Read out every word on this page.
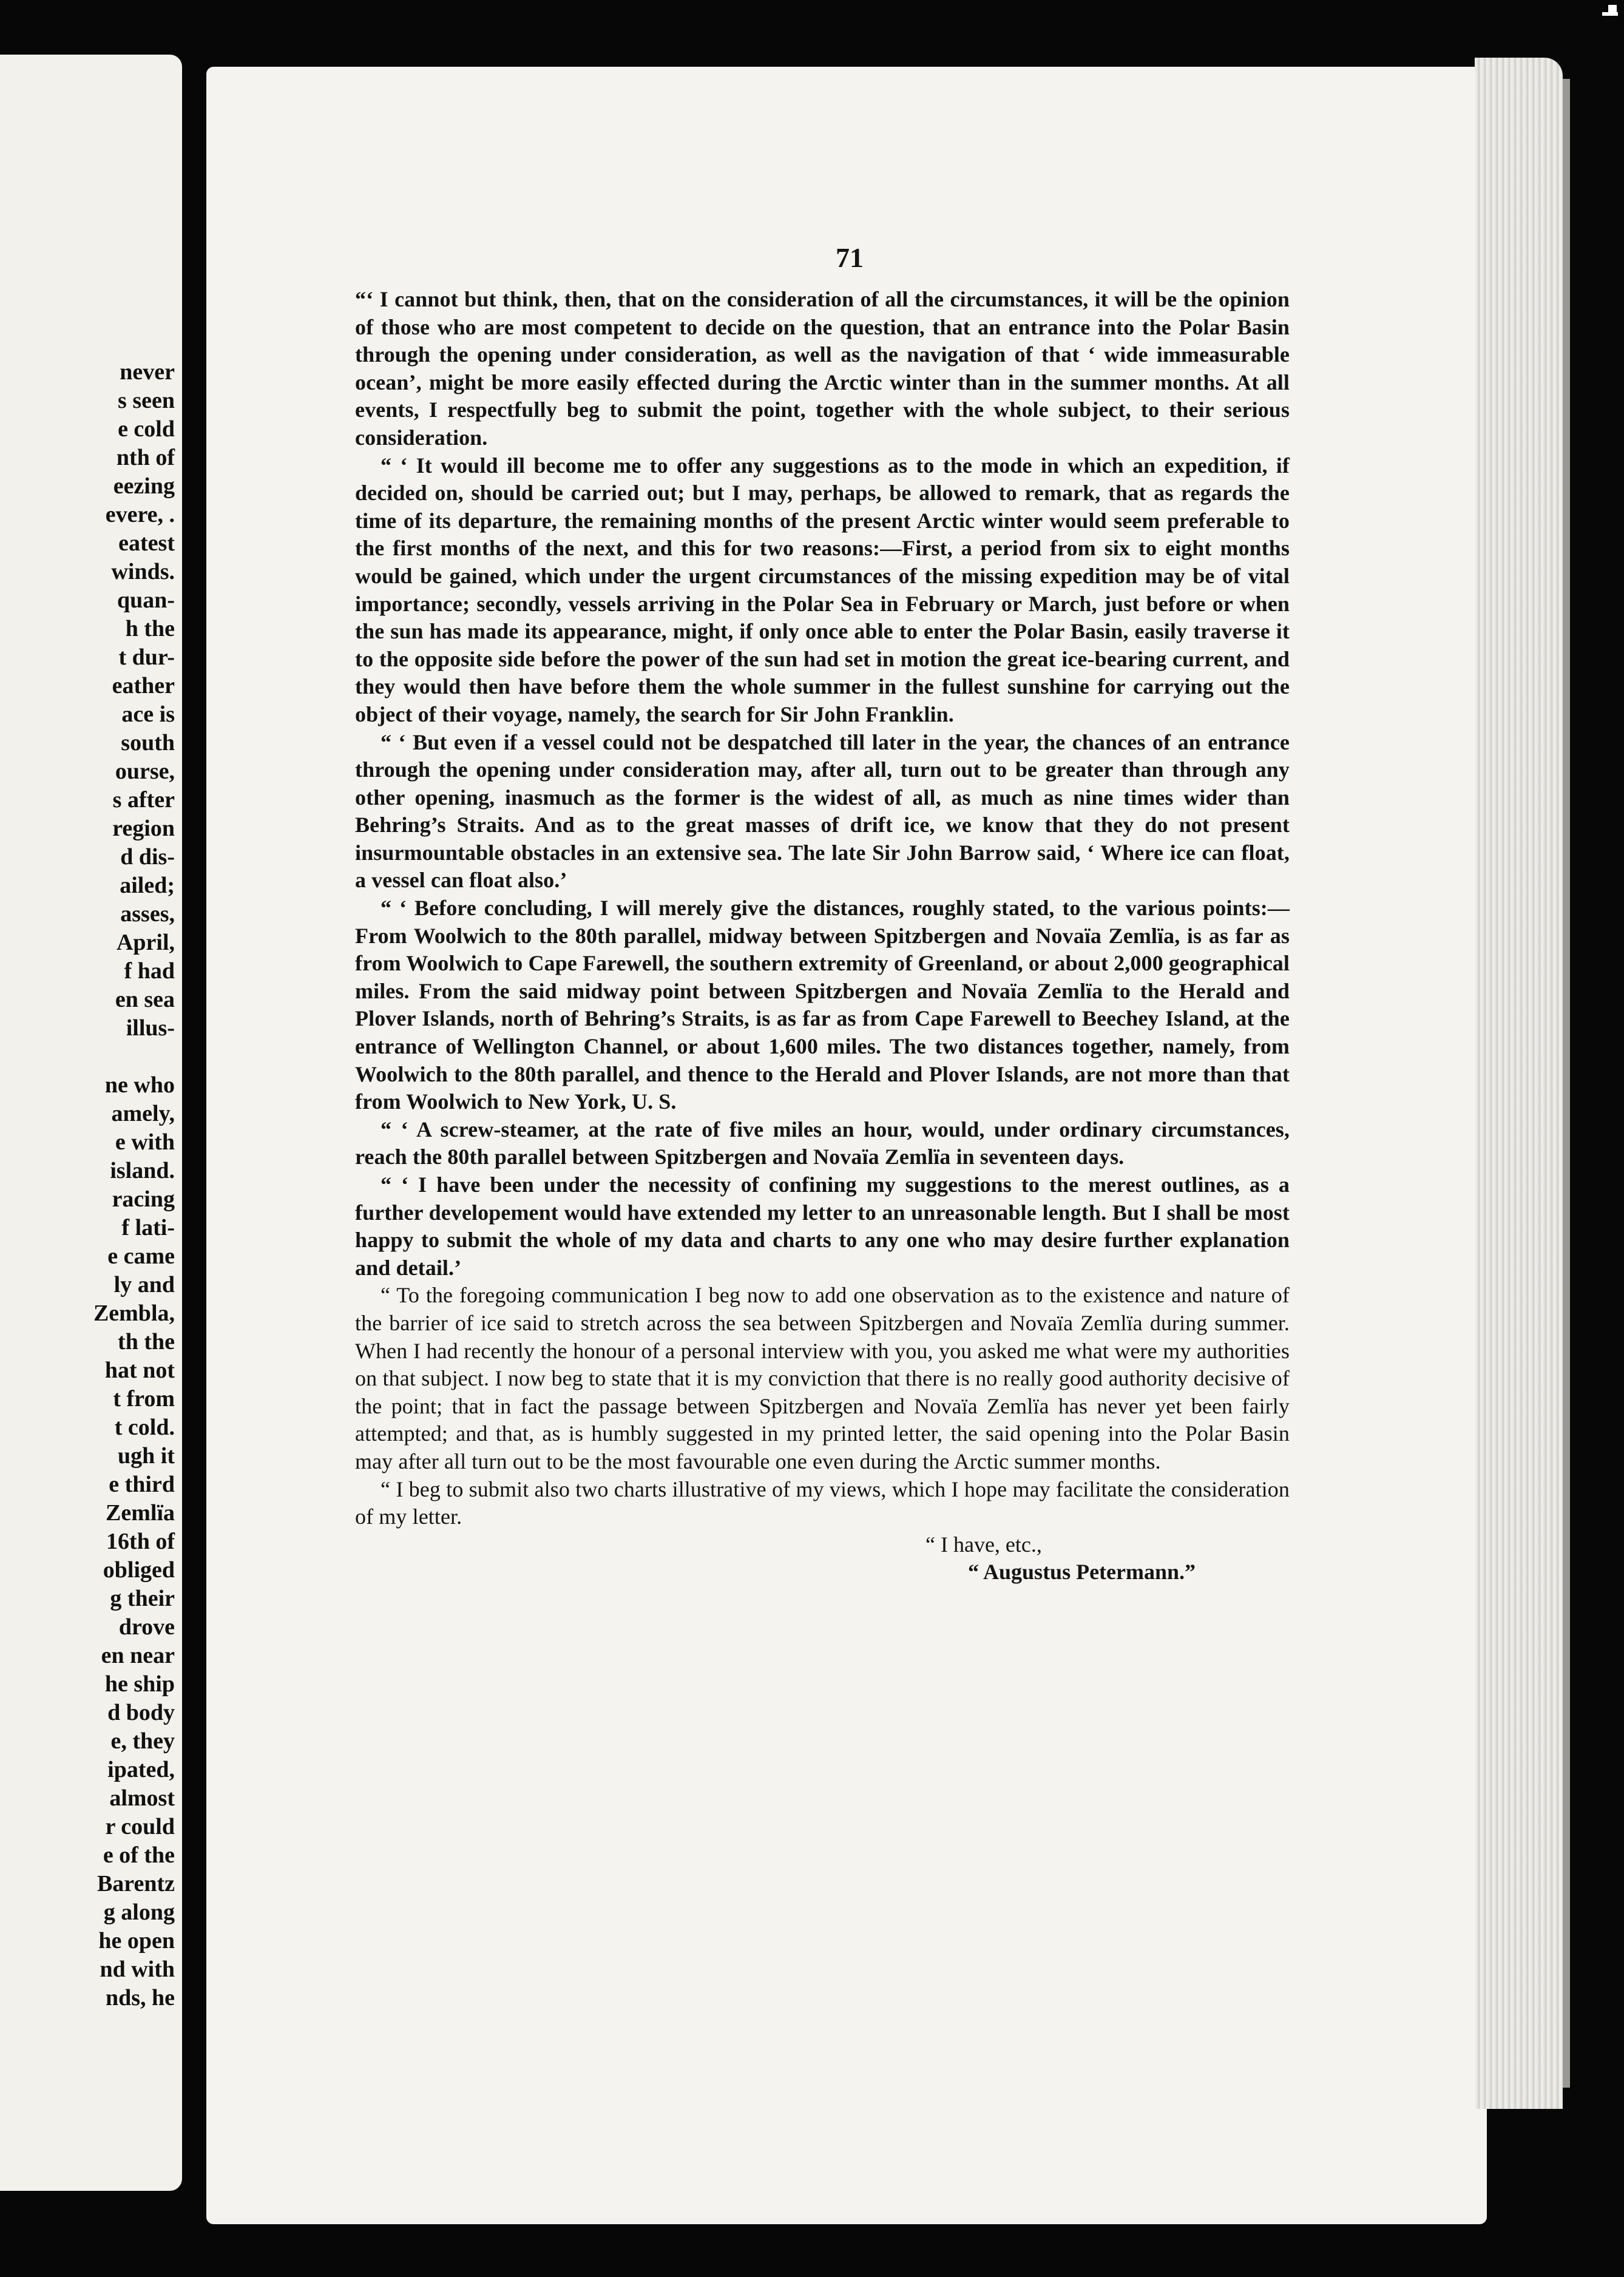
never
s seen
e cold
nth of
eezing
evere, .
eatest
winds.
quan-
h the
t dur-
eather
ace is
south
ourse,
s after
region
d dis-
ailed;
asses,
April,
f had
en sea
illus-
ne who
amely,
e with
island.
racing
f lati-
e came
ly and
Zembla,
th the
hat not
t from
t cold.
ugh it
e third
Zemlïa
16th of
obliged
g their
drove
en near
he ship
d body
e, they
ipated,
almost
r could
e of the
Barentz
g along
he open
nd with
nds, he
71

“‘ I cannot but think, then, that on the consideration of all the circumstances, it will be the opinion of those who are most competent to decide on the question, that an entrance into the Polar Basin through the opening under consideration, as well as the navigation of that ‘ wide immeasurable ocean’, might be more easily effected during the Arctic winter than in the summer months. At all events, I respectfully beg to submit the point, together with the whole subject, to their serious consideration.

“ ‘ It would ill become me to offer any suggestions as to the mode in which an expedition, if decided on, should be carried out; but I may, perhaps, be allowed to remark, that as regards the time of its departure, the remaining months of the present Arctic winter would seem preferable to the first months of the next, and this for two reasons:—First, a period from six to eight months would be gained, which under the urgent circumstances of the missing expedition may be of vital importance; secondly, vessels arriving in the Polar Sea in February or March, just before or when the sun has made its appearance, might, if only once able to enter the Polar Basin, easily traverse it to the opposite side before the power of the sun had set in motion the great ice-bearing current, and they would then have before them the whole summer in the fullest sunshine for carrying out the object of their voyage, namely, the search for Sir John Franklin.

“ ‘ But even if a vessel could not be despatched till later in the year, the chances of an entrance through the opening under consideration may, after all, turn out to be greater than through any other opening, inasmuch as the former is the widest of all, as much as nine times wider than Behring’s Straits. And as to the great masses of drift ice, we know that they do not present insurmountable obstacles in an extensive sea. The late Sir John Barrow said, ‘ Where ice can float, a vessel can float also.’

“ ‘ Before concluding, I will merely give the distances, roughly stated, to the various points:—From Woolwich to the 80th parallel, midway between Spitzbergen and Novaïa Zemlïa, is as far as from Woolwich to Cape Farewell, the southern extremity of Greenland, or about 2,000 geographical miles. From the said midway point between Spitzbergen and Novaïa Zemlïa to the Herald and Plover Islands, north of Behring’s Straits, is as far as from Cape Farewell to Beechey Island, at the entrance of Wellington Channel, or about 1,600 miles. The two distances together, namely, from Woolwich to the 80th parallel, and thence to the Herald and Plover Islands, are not more than that from Woolwich to New York, U. S.

“ ‘ A screw-steamer, at the rate of five miles an hour, would, under ordinary circumstances, reach the 80th parallel between Spitzbergen and Novaïa Zemlïa in seventeen days.

“ ‘ I have been under the necessity of confining my suggestions to the merest outlines, as a further developement would have extended my letter to an unreasonable length. But I shall be most happy to submit the whole of my data and charts to any one who may desire further explanation and detail.’

“ To the foregoing communication I beg now to add one observation as to the existence and nature of the barrier of ice said to stretch across the sea between Spitzbergen and Novaïa Zemlïa during summer. When I had recently the honour of a personal interview with you, you asked me what were my authorities on that subject. I now beg to state that it is my conviction that there is no really good authority decisive of the point; that in fact the passage between Spitzbergen and Novaïa Zemlïa has never yet been fairly attempted; and that, as is humbly suggested in my printed letter, the said opening into the Polar Basin may after all turn out to be the most favourable one even during the Arctic summer months.

“ I beg to submit also two charts illustrative of my views, which I hope may facilitate the consideration of my letter.

“ I have, etc.,

“ Augustus Petermann.”
